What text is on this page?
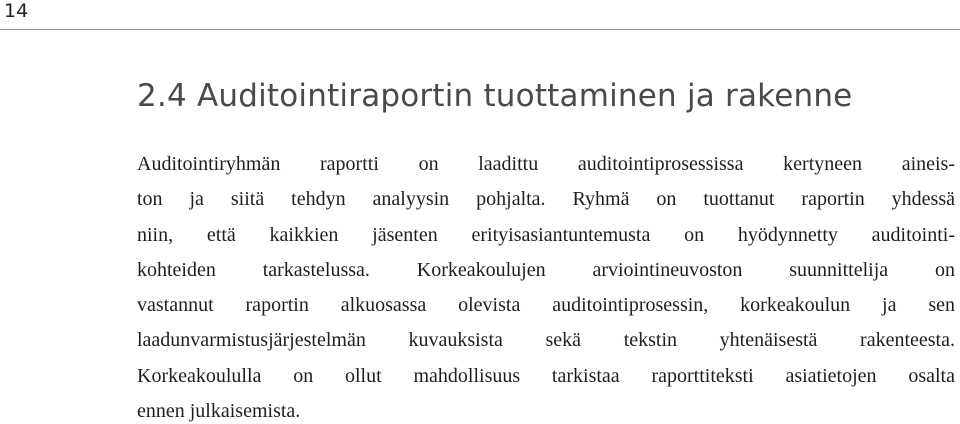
14
2.4 Auditointiraportin tuottaminen ja rakenne
Auditointiryhmän raportti on laadittu auditointiprosessissa kertyneen aineis-
ton ja siitä tehdyn analyysin pohjalta. Ryhmä on tuottanut raportin yhdessä
niin, että kaikkien jäsenten erityisasiantuntemusta on hyödynnetty auditointi-
kohteiden tarkastelussa. Korkeakoulujen arviointineuvoston suunnittelija on
vastannut raportin alkuosassa olevista auditointiprosessin, korkeakoulun ja sen
laadunvarmistusjärjestelmän kuvauksista sekä tekstin yhtenäisestä rakenteesta.
Korkeakoululla on ollut mahdollisuus tarkistaa raporttiteksti asiatietojen osalta
ennen julkaisemista.
